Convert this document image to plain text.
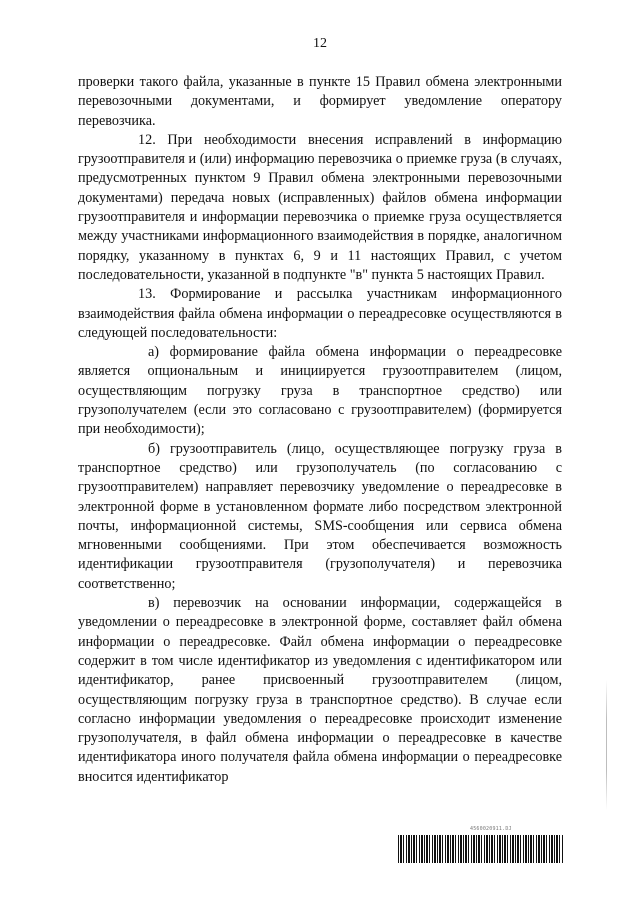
12

проверки такого файла, указанные в пункте 15 Правил обмена электронными перевозочными документами, и формирует уведомление оператору перевозчика.

12. При необходимости внесения исправлений в информацию грузоотправителя и (или) информацию перевозчика о приемке груза (в случаях, предусмотренных пунктом 9 Правил обмена электронными перевозочными документами) передача новых (исправленных) файлов обмена информации грузоотправителя и информации перевозчика о приемке груза осуществляется между участниками информационного взаимодействия в порядке, аналогичном порядку, указанному в пунктах 6, 9 и 11 настоящих Правил, с учетом последовательности, указанной в подпункте "в" пункта 5 настоящих Правил.

13. Формирование и рассылка участникам информационного взаимодействия файла обмена информации о переадресовке осуществляются в следующей последовательности:

а) формирование файла обмена информации о переадресовке является опциональным и инициируется грузоотправителем (лицом, осуществляющим погрузку груза в транспортное средство) или грузополучателем (если это согласовано с грузоотправителем) (формируется при необходимости);

б) грузоотправитель (лицо, осуществляющее погрузку груза в транспортное средство) или грузополучатель (по согласованию с грузоотправителем) направляет перевозчику уведомление о переадресовке в электронной форме в установленном формате либо посредством электронной почты, информационной системы, SMS-сообщения или сервиса обмена мгновенными сообщениями. При этом обеспечивается возможность идентификации грузоотправителя (грузополучателя) и перевозчика соответственно;

в) перевозчик на основании информации, содержащейся в уведомлении о переадресовке в электронной форме, составляет файл обмена информации о переадресовке. Файл обмена информации о переадресовке содержит в том числе идентификатор из уведомления с идентификатором или идентификатор, ранее присвоенный грузоотправителем (лицом, осуществляющим погрузку груза в транспортное средство). В случае если согласно информации уведомления о переадресовке происходит изменение грузополучателя, в файл обмена информации о переадресовке в качестве идентификатора иного получателя файла обмена информации о переадресовке вносится идентификатор

4560020911.DJ
